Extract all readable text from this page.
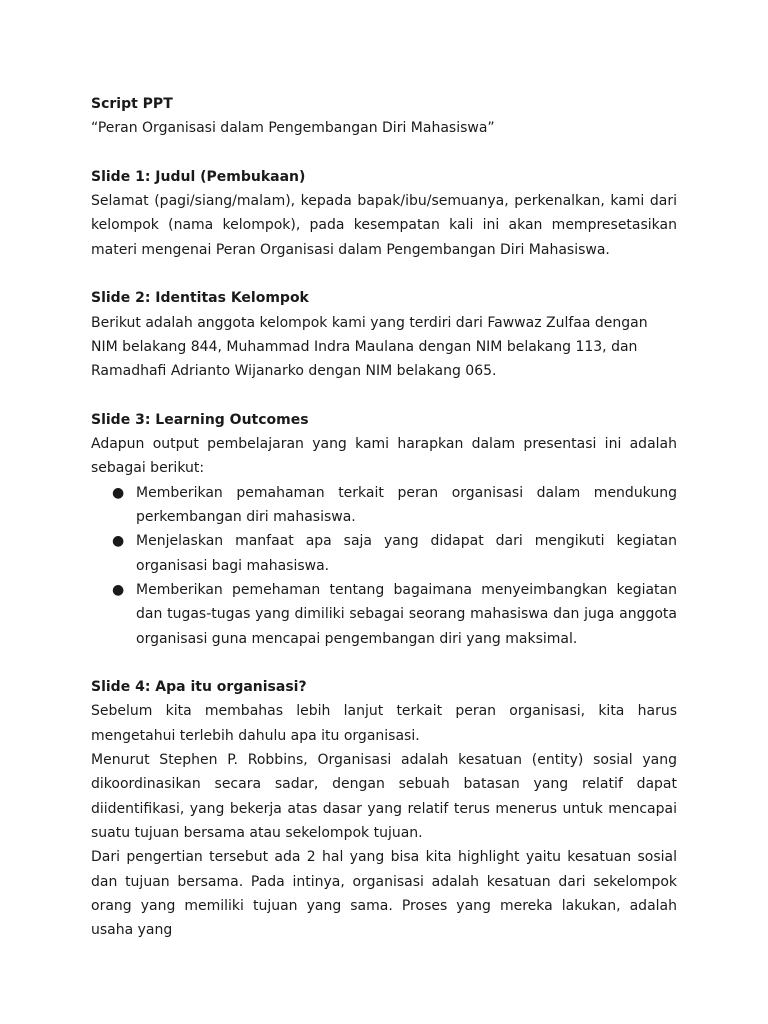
Script PPT

“Peran Organisasi dalam Pengembangan Diri Mahasiswa”

Slide 1: Judul (Pembukaan)

Selamat (pagi/siang/malam), kepada bapak/ibu/semuanya, perkenalkan, kami dari kelompok (nama kelompok), pada kesempatan kali ini akan mempresetasikan materi mengenai Peran Organisasi dalam Pengembangan Diri Mahasiswa.

Slide 2: Identitas Kelompok

Berikut adalah anggota kelompok kami yang terdiri dari Fawwaz Zulfaa dengan NIM belakang 844, Muhammad Indra Maulana dengan NIM belakang 113, dan Ramadhafi Adrianto Wijanarko dengan NIM belakang 065.

Slide 3: Learning Outcomes

Adapun output pembelajaran yang kami harapkan dalam presentasi ini adalah sebagai berikut:

● Memberikan pemahaman terkait peran organisasi dalam mendukung perkembangan diri mahasiswa.
● Menjelaskan manfaat apa saja yang didapat dari mengikuti kegiatan organisasi bagi mahasiswa.
● Memberikan pemehaman tentang bagaimana menyeimbangkan kegiatan dan tugas-tugas yang dimiliki sebagai seorang mahasiswa dan juga anggota organisasi guna mencapai pengembangan diri yang maksimal.

Slide 4: Apa itu organisasi?

Sebelum kita membahas lebih lanjut terkait peran organisasi, kita harus mengetahui terlebih dahulu apa itu organisasi.

Menurut Stephen P. Robbins, Organisasi adalah kesatuan (entity) sosial yang dikoordinasikan secara sadar, dengan sebuah batasan yang relatif dapat diidentifikasi, yang bekerja atas dasar yang relatif terus menerus untuk mencapai suatu tujuan bersama atau sekelompok tujuan.

Dari pengertian tersebut ada 2 hal yang bisa kita highlight yaitu kesatuan sosial dan tujuan bersama. Pada intinya, organisasi adalah kesatuan dari sekelompok orang yang memiliki tujuan yang sama. Proses yang mereka lakukan, adalah usaha yang
